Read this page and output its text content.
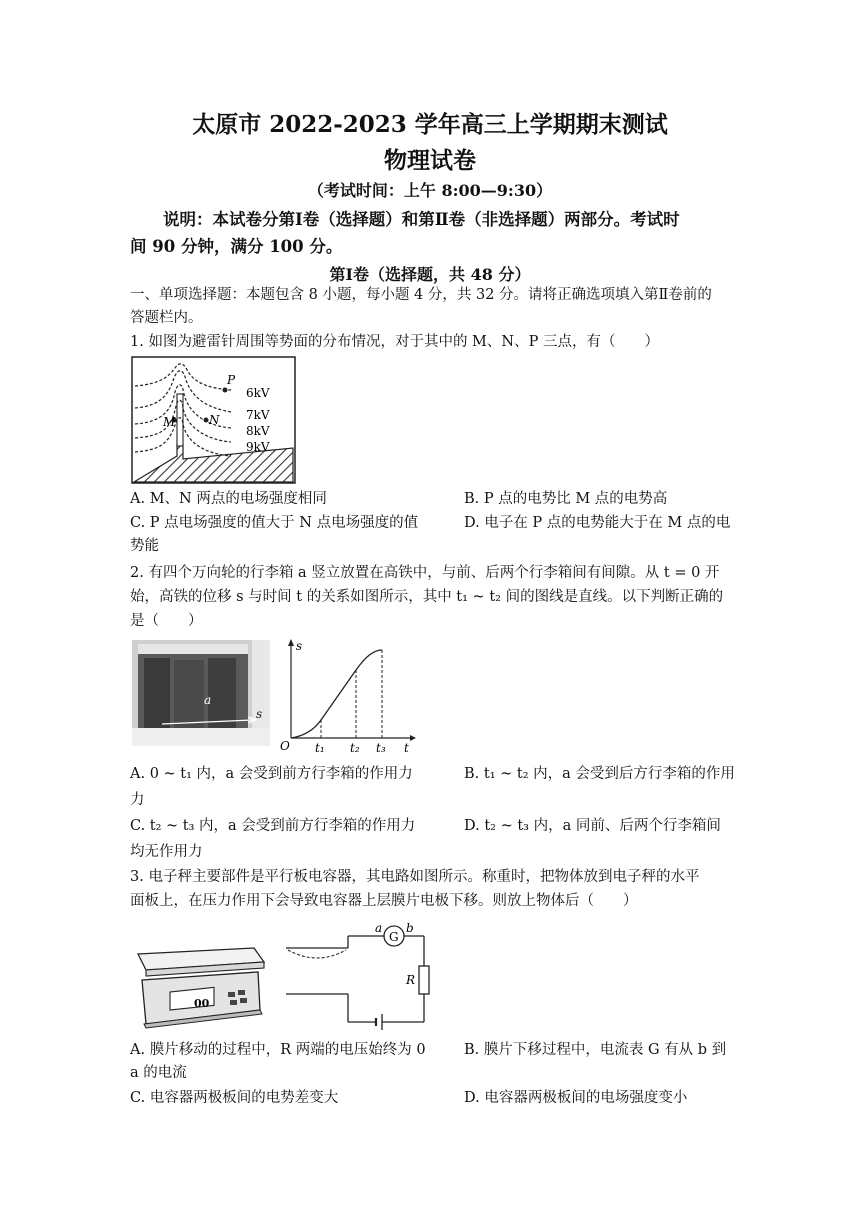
太原市 2022-2023 学年高三上学期期末测试
物理试卷
（考试时间：上午 8:00—9:30）
说明：本试卷分第Ⅰ卷（选择题）和第Ⅱ卷（非选择题）两部分。考试时
间 90 分钟，满分 100 分。
第Ⅰ卷（选择题，共 48 分）
一、单项选择题：本题包含 8 小题，每小题 4 分，共 32 分。请将正确选项填入第Ⅱ卷前的
答题栏内。
1. 如图为避雷针周围等势面的分布情况，对于其中的 M、N、P 三点，有（　　）
P
M	N
6kV
7kV
8kV
9kV
A. M、N 两点的电场强度相同	B. P 点的电势比 M 点的电势高
C. P 点电场强度的值大于 N 点电场强度的值	D. 电子在 P 点的电势能大于在 M 点的电
势能
2. 有四个万向轮的行李箱 a 竖立放置在高铁中，与前、后两个行李箱间有间隙。从 t = 0 开
始，高铁的位移 s 与时间 t 的关系如图所示，其中 t₁ ~ t₂ 间的图线是直线。以下判断正确的
是（　　）
a
s
s
O t₁ t₂ t₃ t
A. 0 ~ t₁ 内，a 会受到前方行李箱的作用力	B. t₁ ~ t₂ 内，a 会受到后方行李箱的作用
力
C. t₂ ~ t₃ 内，a 会受到前方行李箱的作用力	D. t₂ ~ t₃ 内，a 同前、后两个行李箱间
均无作用力
3. 电子秤主要部件是平行板电容器，其电路如图所示。称重时，把物体放到电子秤的水平
面板上，在压力作用下会导致电容器上层膜片电极下移。则放上物体后（　　）
00
G
a b
R
A. 膜片移动的过程中，R 两端的电压始终为 0	B. 膜片下移过程中，电流表 G 有从 b 到
a 的电流
C. 电容器两极板间的电势差变大	D. 电容器两极板间的电场强度变小
